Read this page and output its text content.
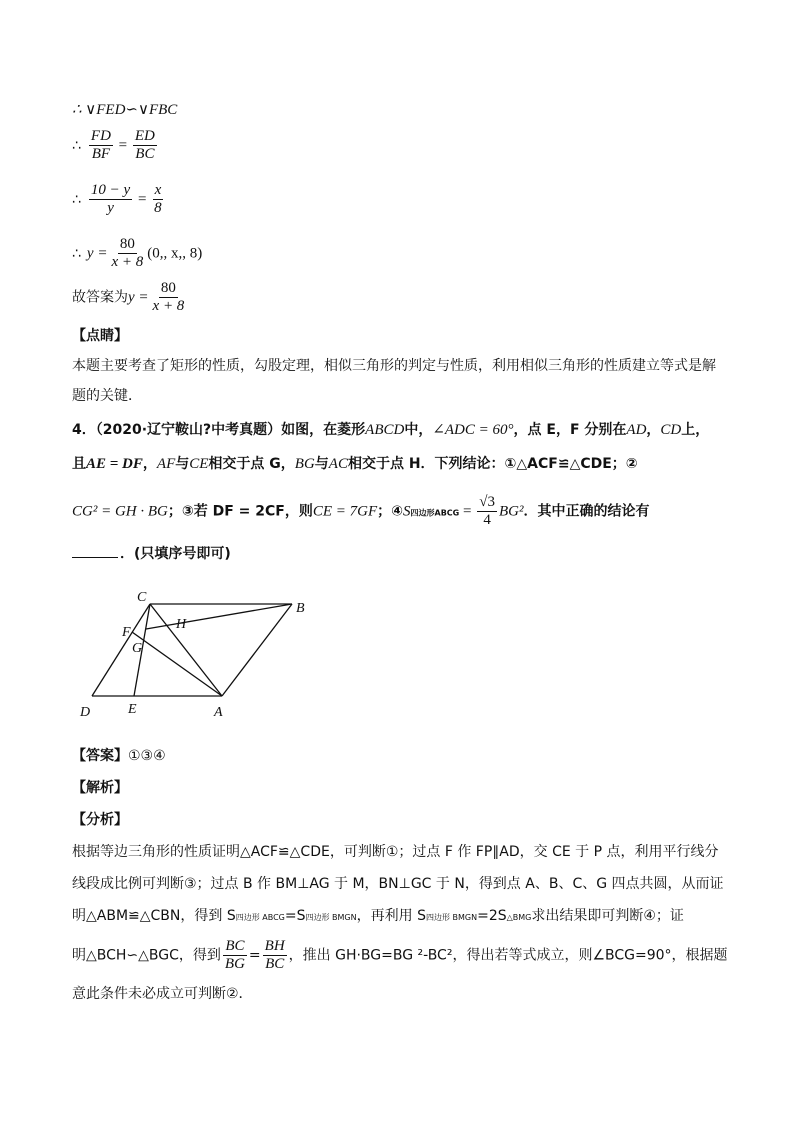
∴ ∨FED∽∨FBC
∴ $\frac{FD}{BF} = \frac{ED}{BC}$
∴ $\frac{10 - y}{y} = \frac{x}{8}$
∴ $y = \frac{80}{x + 8} (0$,, x,, 8)
故答案为$y = \frac{80}{x + 8}$
【点睛】
本题主要考查了矩形的性质，勾股定理，相似三角形的判定与性质，利用相似三角形的性质建立等式是解
题的关键．
4．（2020·辽宁鞍山?中考真题）如图，在菱形ABCD中，∠ADC = 60°，点 E，F 分别在AD，CD上，
且AE = DF，AF与CE相交于点 G，BG与AC相交于点 H．下列结论：①△ACF≌△CDE；②
CG² = GH · BG；③若 DF = 2CF，则CE = 7GF；④S四边形ABCG = $\frac{√3}{4} BG^2$．其中正确的结论有
．(只填序号即可)
C
B
F
H
G
D	E	A
【答案】①③④
【解析】
【分析】
根据等边三角形的性质证明△ACF≌△CDE，可判断①；过点 F 作 FP∥AD，交 CE 于 P 点，利用平行线分
线段成比例可判断③；过点 B 作 BM⊥AG 于 M，BN⊥GC 于 N，得到点 A、B、C、G 四点共圆，从而证
明△ABM≌△CBN，得到 S四边形 ABCG=S四边形 BMGN，再利用 S四边形 BMGN=2S△BMG求出结果即可判断④；证
明△BCH∽△BGC，得到 $\frac{BC}{BG} = \frac{BH}{BC}$ ，推出 GH·BG=BG ²-BC²，得出若等式成立，则∠BCG=90°，根据题
意此条件未必成立可判断②．
